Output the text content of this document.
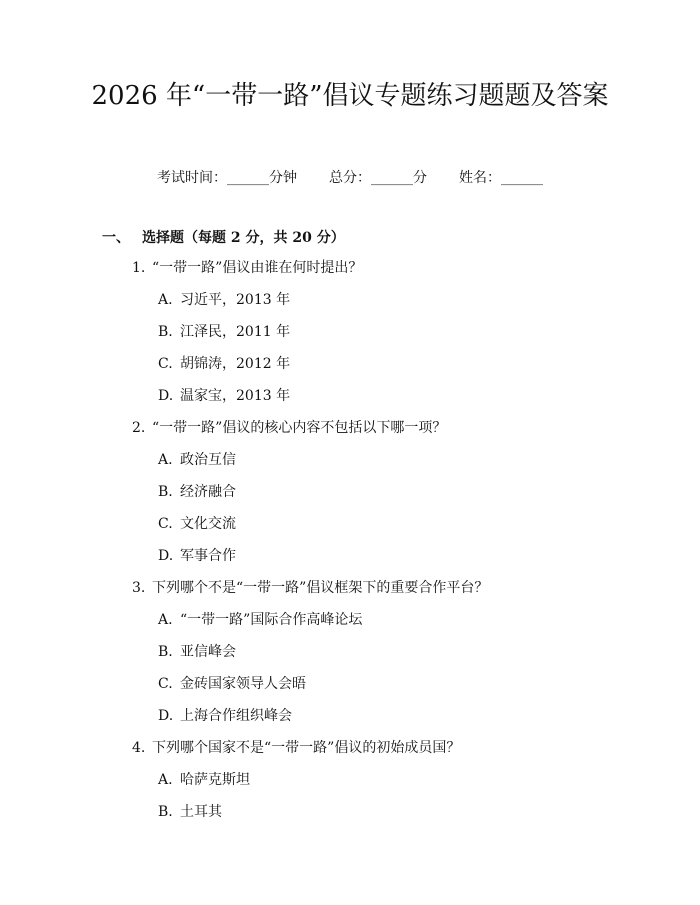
2026 年“一带一路”倡议专题练习题题及答案
考试时间：______分钟 总分：______分 姓名：______
一、 选择题（每题 2 分，共 20 分）
1. “一带一路”倡议由谁在何时提出？
A. 习近平，2013 年
B. 江泽民，2011 年
C. 胡锦涛，2012 年
D. 温家宝，2013 年
2. “一带一路”倡议的核心内容不包括以下哪一项？
A. 政治互信
B. 经济融合
C. 文化交流
D. 军事合作
3. 下列哪个不是“一带一路”倡议框架下的重要合作平台？
A. “一带一路”国际合作高峰论坛
B. 亚信峰会
C. 金砖国家领导人会晤
D. 上海合作组织峰会
4. 下列哪个国家不是“一带一路”倡议的初始成员国？
A. 哈萨克斯坦
B. 土耳其
